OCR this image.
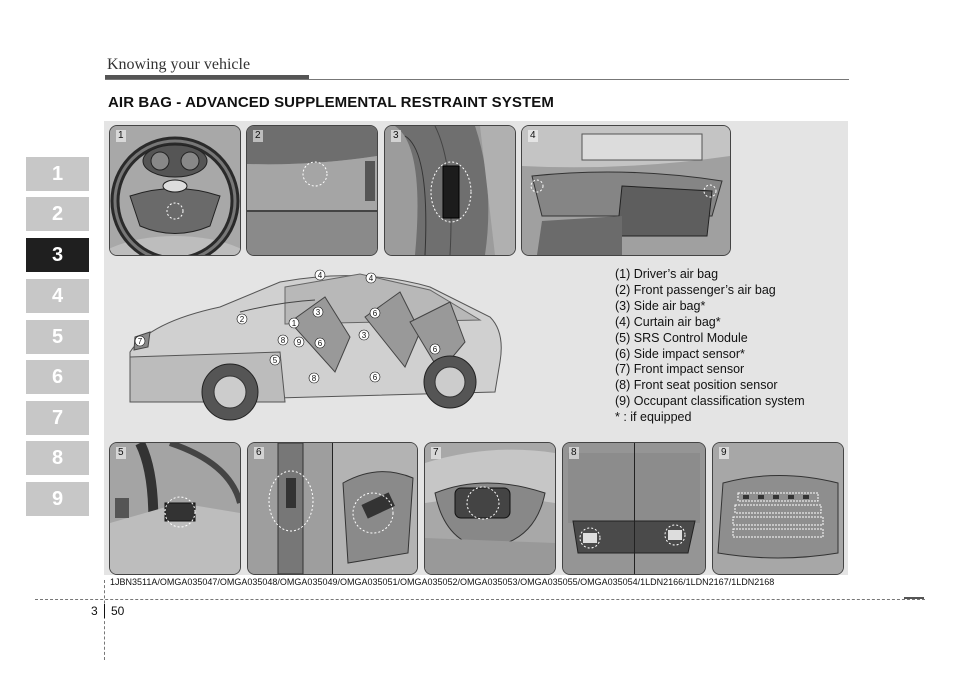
Knowing your vehicle
AIR BAG - ADVANCED SUPPLEMENTAL RESTRAINT SYSTEM
1
2
3
4
5
6
7
8
9
1	2	3	4
4	4
2
3
1
6
3
7
5
8 9 6
6
8	6
(1) Driver’s air bag
(2) Front passenger’s air bag
(3) Side air bag*
(4) Curtain air bag*
(5) SRS Control Module
(6) Side impact sensor*
(7) Front impact sensor
(8) Front seat position sensor
(9) Occupant classification system
* : if equipped
5	6	7	8	9
1JBN3511A/OMGA035047/OMGA035048/OMGA035049/OMGA035051/OMGA035052/OMGA035053/OMGA035055/OMGA035054/1LDN2166/1LDN2167/1LDN2168
3 50
